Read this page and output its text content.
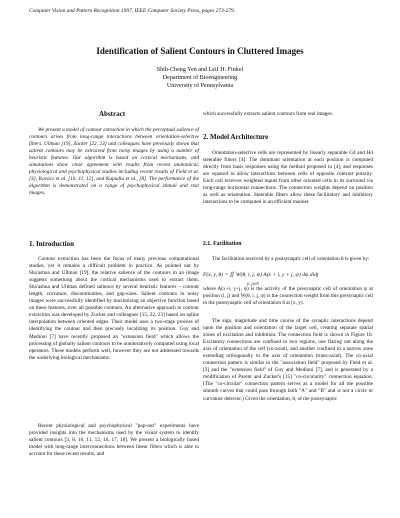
Computer Vision and Pattern Recognition 1997, IEEE Computer Society Press, pages 273-279.
Identification of Salient Contours in Cluttered Images
Shih-Cheng Yen and Leif H. Finkel
Department of Bioengineering
University of Pennsylvania
Abstract

We present a model of contour extraction in which the perceptual salience of contours arises from long-range interactions between orientation-selective filters. Ullman [19], Zucker [22, 23] and colleagues have previously shown that salient contours may be extracted from noisy images by using a number of heuristic features. Our algorithm is based on cortical mechanisms, and simulations show close agreement with results from recent anatomical, physiological and psychophysical studies including recent results of Field et al. [3], Kovács et al. [10, 11, 12], and Kapadia et al., [8]. The performance of the algorithm is demonstrated on a range of psychophysical stimuli and real images.

1. Introduction

Contour extraction has been the focus of many previous computational studies, yet it remains a difficult problem in practice. As pointed out by Sha'ashua and Ullman [19], the relative salience of the contours in an image suggests something about the cortical mechanisms used to extract them. Sha'ashua and Ullman defined salience by several heuristic features – contour length, curvature, discontinuities, and gap-sizes. Salient contours in noisy images were successfully identified by maximizing an objective function based on these features, over all possible contours. An alternative approach to contour extraction was developed by Zucker and colleagues [15, 22, 23] based on spline interpolation between oriented edges. Their model uses a two-stage process of identifying the contour and then precisely localizing its position. Guy and Medioni [7] have recently proposed an "extension field" which allows the processing of globally salient contours to be noniteratively computed using local operators. These models perform well, however they are not addressed towards the underlying biological mechanisms.

Recent physiological and psychophysical "pop-out" experiments have provided insights into the mechanisms used by the visual system to identify salient contours [3, 8, 10, 11, 12, 16, 17, 18]. We present a biologically based model with long-range interconnections between linear filters which is able to account for these recent results, and

which successfully extracts salient contours from real images.

2. Model Architecture

Orientation-selective cells are represented by linearly separable G4 and H4 steerable filters [4]. The dominant orientation at each position is computed directly from basis responses using the method proposed in [4], and responses are squared to allow interactions between cells of opposite contrast polarity. Each cell receives weighted inputs from other oriented cells in its surround via long-range horizontal connections. The connection weights depend on position as well as orientation. Steerable filters allow these facilitatory and inhibitory interactions to be computed in an efficient manner.

2.1. Facilitation

The facilitation received by a postsynaptic cell of orientation θ is given by:

F(x, y, θ) = ∬ W(θ, i, j, ψ) A(x + i, y + j, ψ) dψ didj
(i, j)≠N

where A(x+i, y+j, ψ) is the activity of the presynaptic cell of orientation ψ at position (i, j) and W(θ, i, j, ψ) is the connection weight from this presynaptic cell to the postsynaptic cell of orientation θ at (x, y).

The sign, magnitude and time course of the synaptic interactions depend upon the position and orientation of the target cell, creating separate spatial zones of excitation and inhibition. The connection field is shown in Figure 1b. Excitatory connections are confined to two regions, one flaring out along the axis of orientation of the cell (co-axial), and another confined to a narrow zone extending orthogonally to the axis of orientation (trans-axial). The co-axial connection pattern is similar to the "association field" proposed by Field et al. [3] and the "extension field" of Guy and Medioni [7], and is generated by a modification of Parent and Zucker's [15] "co-circularity" connection equation. (The "co-circular" connection pattern serves as a model for all the possible smooth curves that could pass through both "A" and "B" and is not a circle or curvature detector.) Given the orientation, θ, of the postsynaptic
